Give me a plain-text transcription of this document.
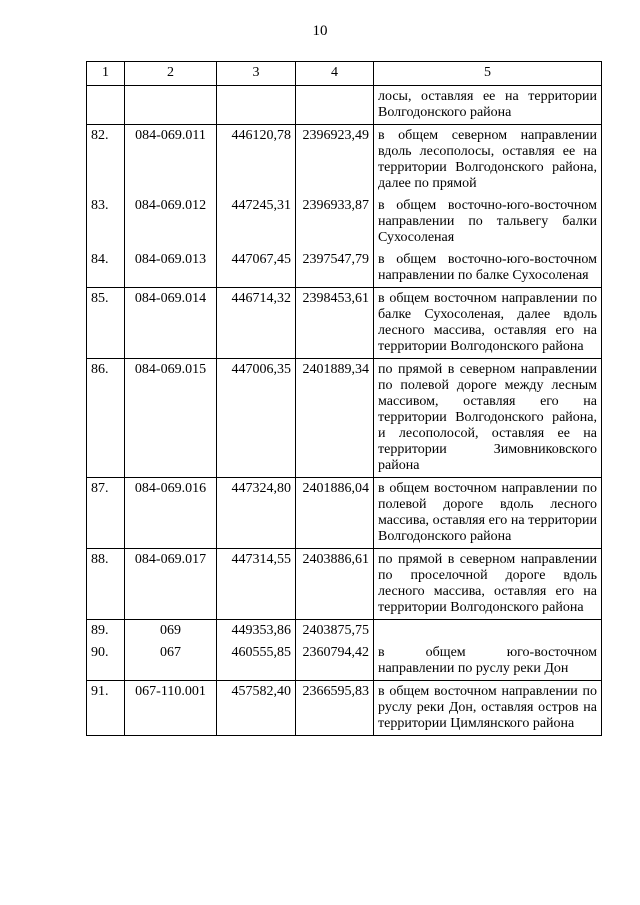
10
1	2	3	4	5
				лосы, оставляя ее на территории Волгодонского района
82.	084-069.011	446120,78	2396923,49	в общем северном направлении вдоль лесополосы, оставляя ее на территории Волгодонского района, далее по прямой
83.	084-069.012	447245,31	2396933,87	в общем восточно-юго-восточном направлении по тальвегу балки Сухосоленая
84.	084-069.013	447067,45	2397547,79	в общем восточно-юго-восточном направлении по балке Сухосоленая
85.	084-069.014	446714,32	2398453,61	в общем восточном направлении по балке Сухосоленая, далее вдоль лесного массива, оставляя его на территории Волгодонского района
86.	084-069.015	447006,35	2401889,34	по прямой в северном направлении по полевой дороге между лесным массивом, оставляя его на территории Волгодонского района, и лесополосой, оставляя ее на территории Зимовниковского района
87.	084-069.016	447324,80	2401886,04	в общем восточном направлении по полевой дороге вдоль лесного массива, оставляя его на территории Волгодонского района
88.	084-069.017	447314,55	2403886,61	по прямой в северном направлении по проселочной дороге вдоль лесного массива, оставляя его на территории Волгодонского района
89.	069	449353,86	2403875,75	
90.	067	460555,85	2360794,42	в общем юго-восточном направлении по руслу реки Дон
91.	067-110.001	457582,40	2366595,83	в общем восточном направлении по руслу реки Дон, оставляя остров на территории Цимлянского района
